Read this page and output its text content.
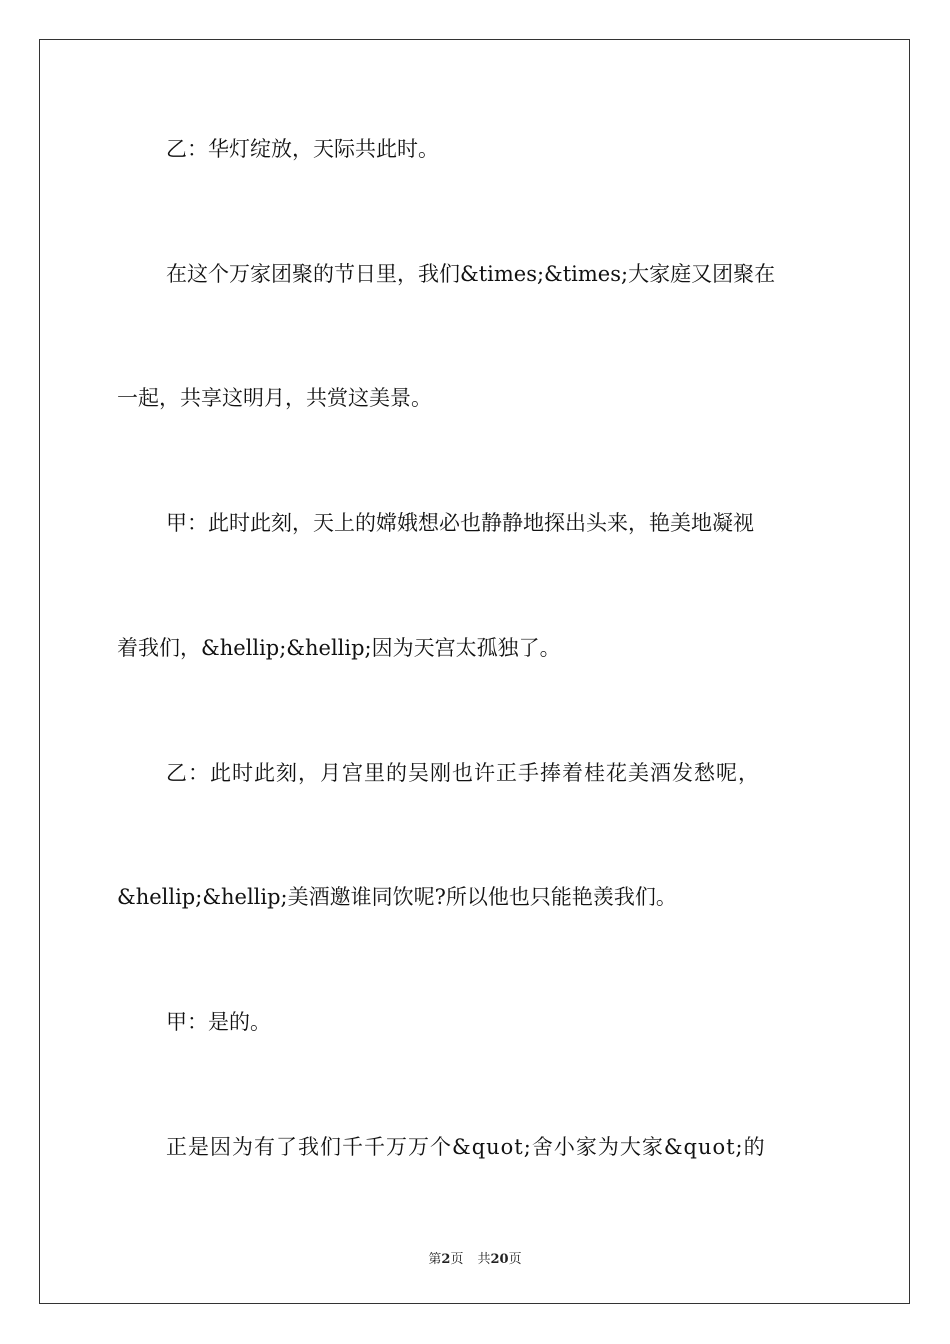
乙：华灯绽放，天际共此时。
在这个万家团聚的节日里，我们&times;&times;大家庭又团聚在
一起，共享这明月，共赏这美景。
甲：此时此刻，天上的嫦娥想必也静静地探出头来，艳美地凝视
着我们，&hellip;&hellip;因为天宫太孤独了。
乙：此时此刻，月宫里的吴刚也许正手捧着桂花美酒发愁呢，
&hellip;&hellip;美酒邀谁同饮呢?所以他也只能艳羡我们。
甲：是的。
正是因为有了我们千千万万个&quot;舍小家为大家&quot;的
第2页 共20页
